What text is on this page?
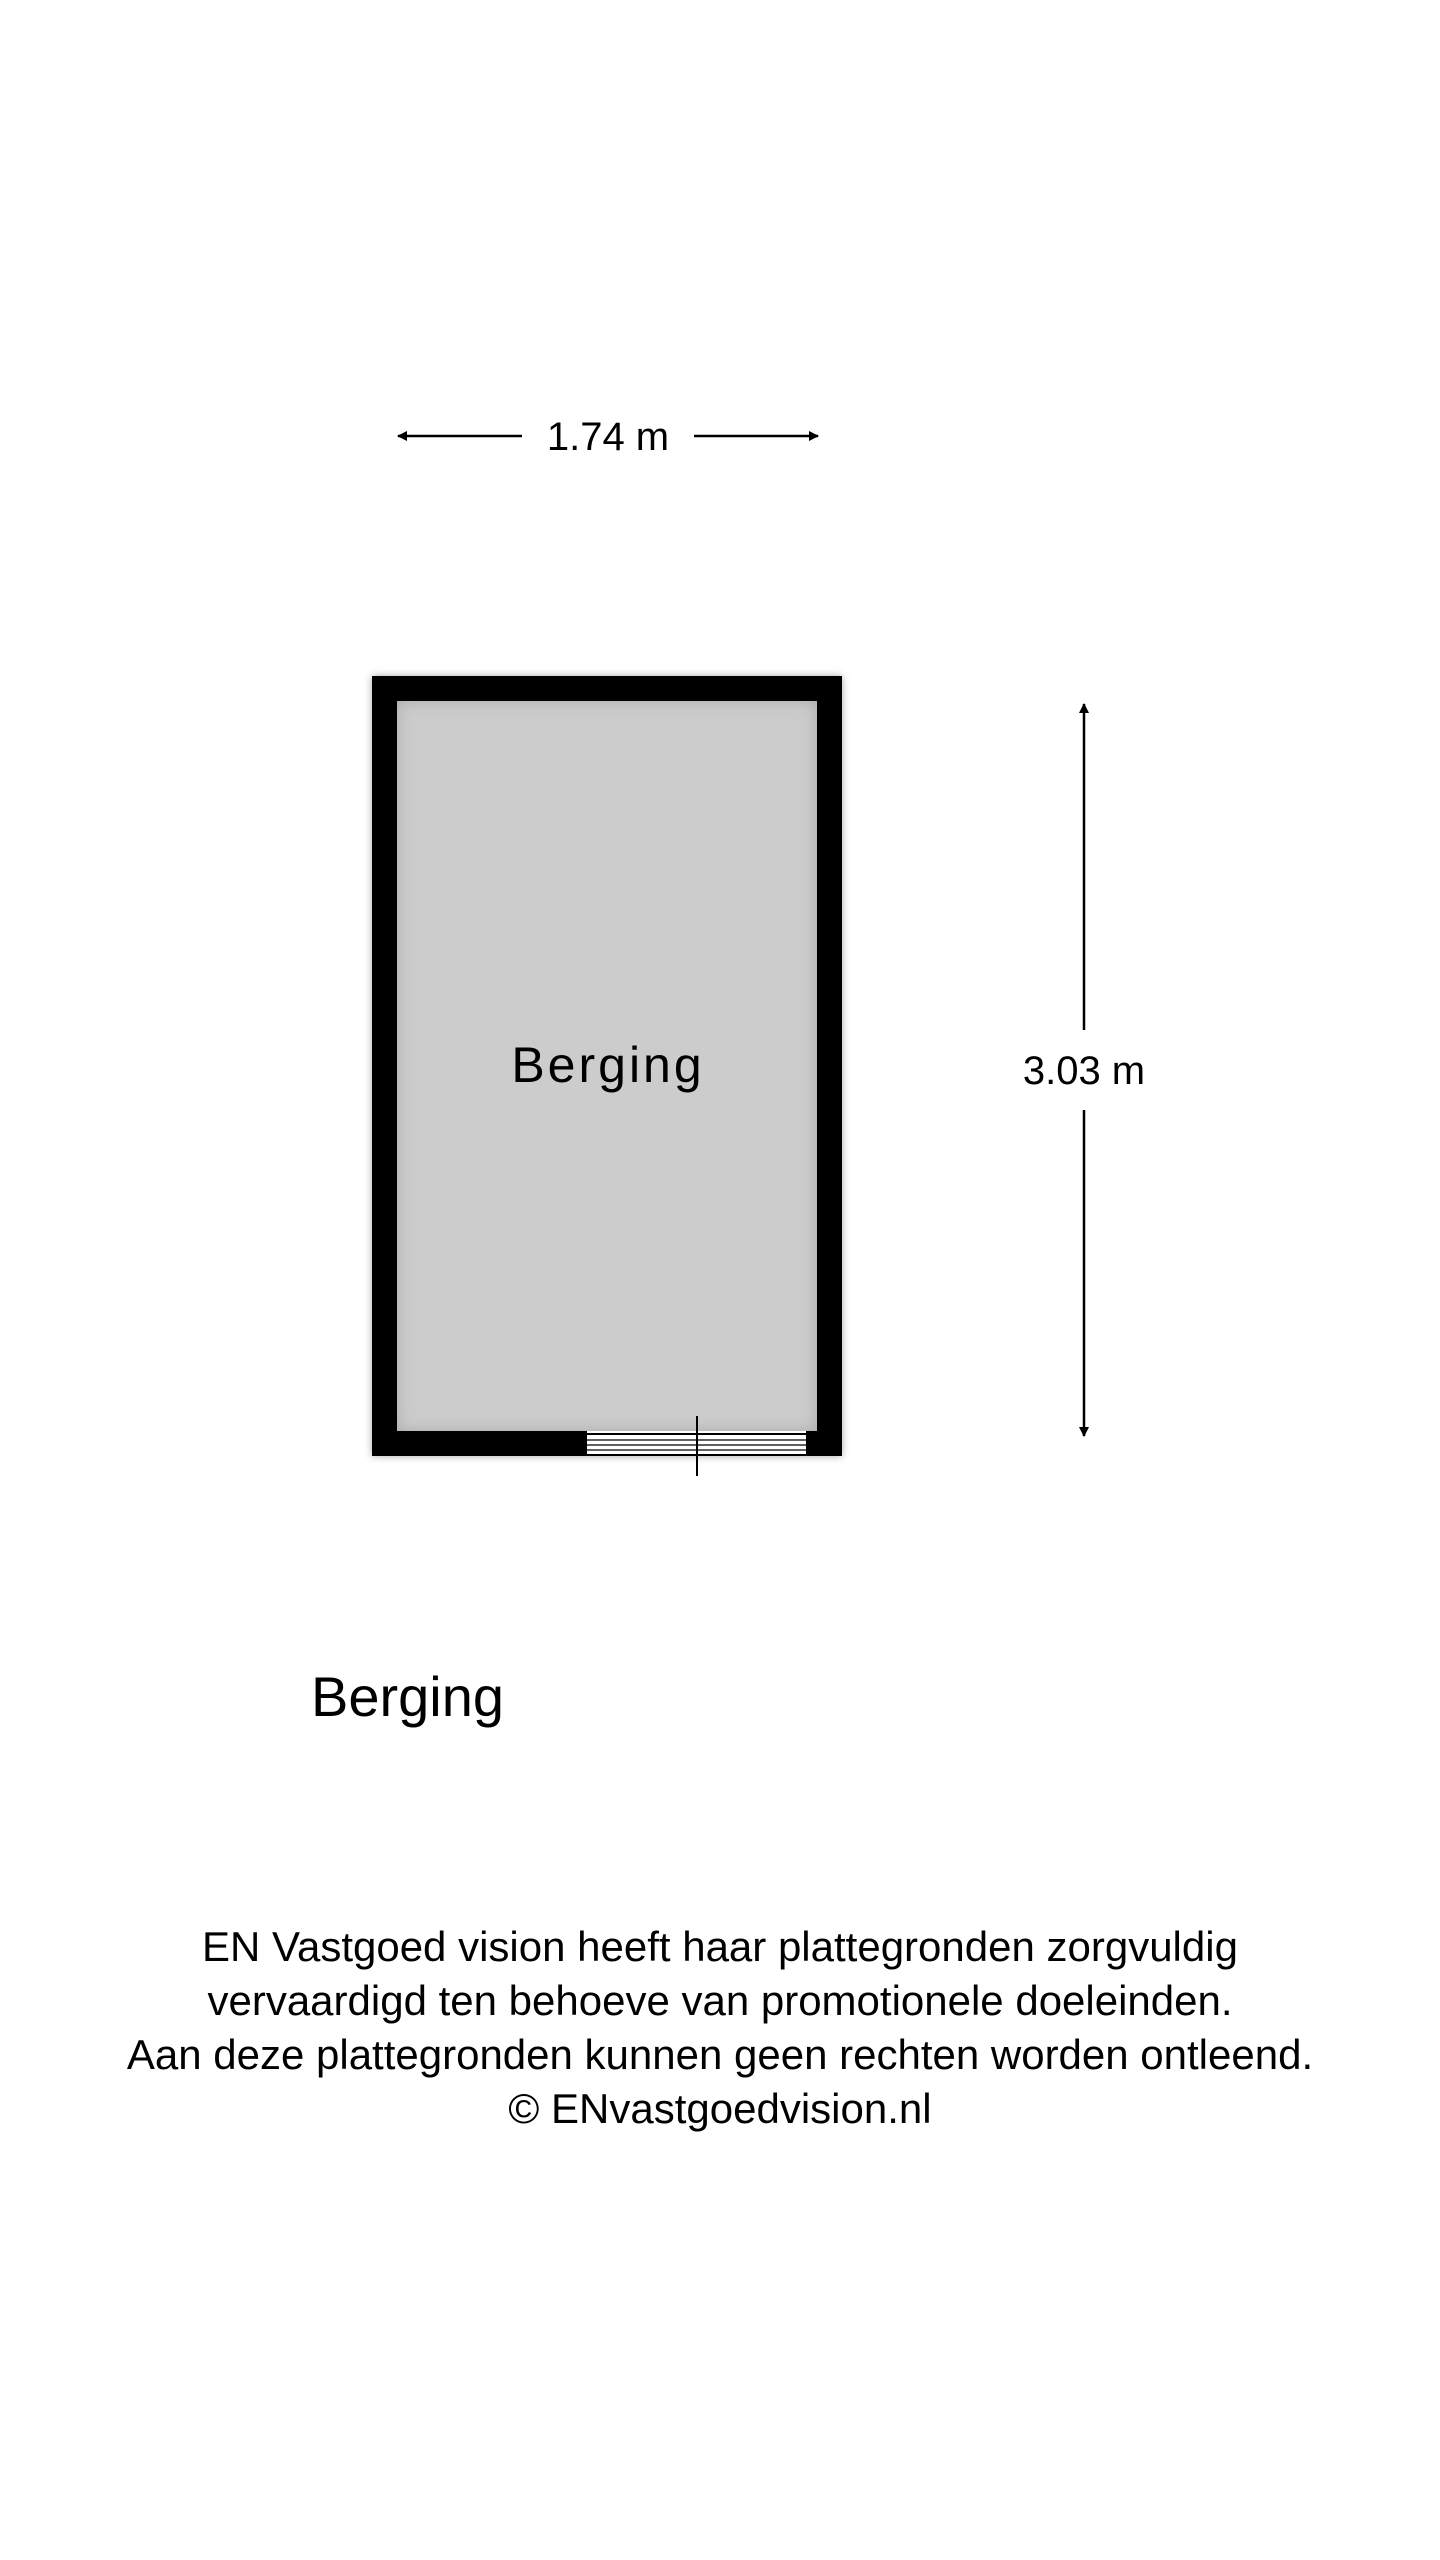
1.74 m
3.03 m
Berging
Berging
EN Vastgoed vision heeft haar plattegronden zorgvuldig
vervaardigd ten behoeve van promotionele doeleinden.
Aan deze plattegronden kunnen geen rechten worden ontleend.
© ENvastgoedvision.nl
